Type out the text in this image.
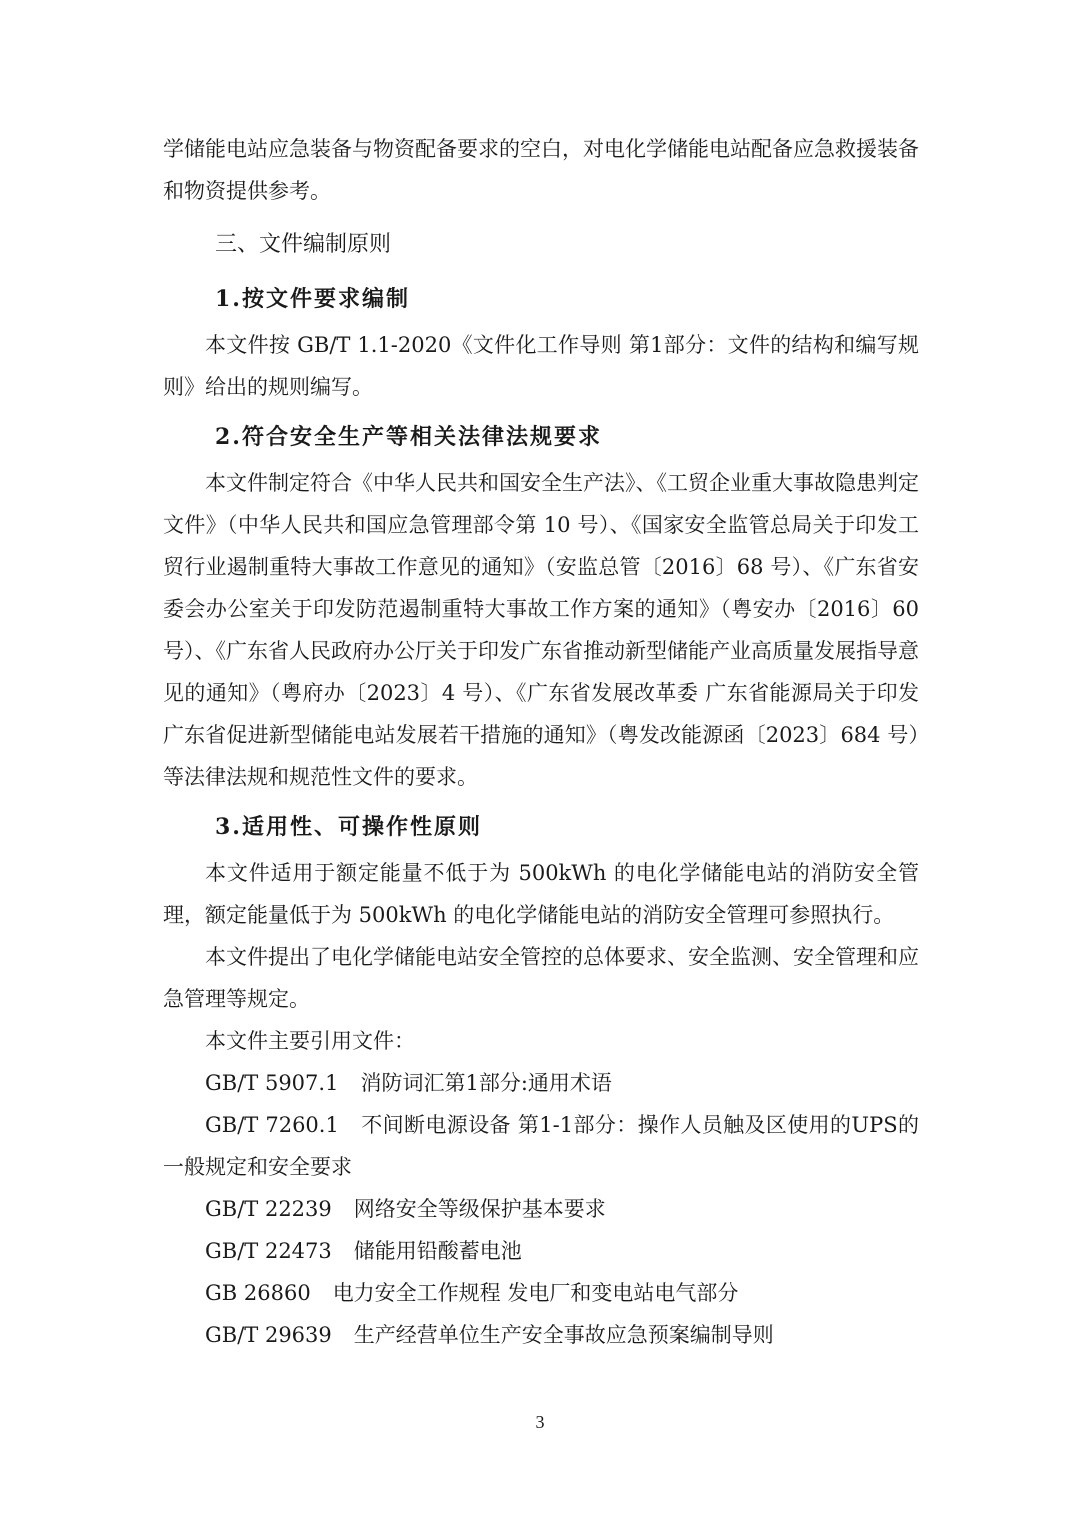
学储能电站应急装备与物资配备要求的空白，对电化学储能电站配备应急救援装备和物资提供参考。

三、文件编制原则

1.按文件要求编制

本文件按 GB/T 1.1-2020《文件化工作导则 第1部分：文件的结构和编写规则》给出的规则编写。

2.符合安全生产等相关法律法规要求

本文件制定符合《中华人民共和国安全生产法》、《工贸企业重大事故隐患判定文件》（中华人民共和国应急管理部令第 10 号）、《国家安全监管总局关于印发工贸行业遏制重特大事故工作意见的通知》（安监总管〔2016〕68 号）、《广东省安委会办公室关于印发防范遏制重特大事故工作方案的通知》（粤安办〔2016〕60 号）、《广东省人民政府办公厅关于印发广东省推动新型储能产业高质量发展指导意见的通知》（粤府办〔2023〕4 号）、《广东省发展改革委 广东省能源局关于印发广东省促进新型储能电站发展若干措施的通知》（粤发改能源函〔2023〕684 号）等法律法规和规范性文件的要求。

3.适用性、可操作性原则

本文件适用于额定能量不低于为 500kWh 的电化学储能电站的消防安全管理，额定能量低于为 500kWh 的电化学储能电站的消防安全管理可参照执行。

本文件提出了电化学储能电站安全管控的总体要求、安全监测、安全管理和应急管理等规定。

本文件主要引用文件：

GB/T 5907.1 消防词汇第1部分:通用术语

GB/T 7260.1 不间断电源设备 第1-1部分：操作人员触及区使用的UPS的一般规定和安全要求

GB/T 22239 网络安全等级保护基本要求

GB/T 22473 储能用铅酸蓄电池

GB 26860 电力安全工作规程 发电厂和变电站电气部分

GB/T 29639 生产经营单位生产安全事故应急预案编制导则

3
